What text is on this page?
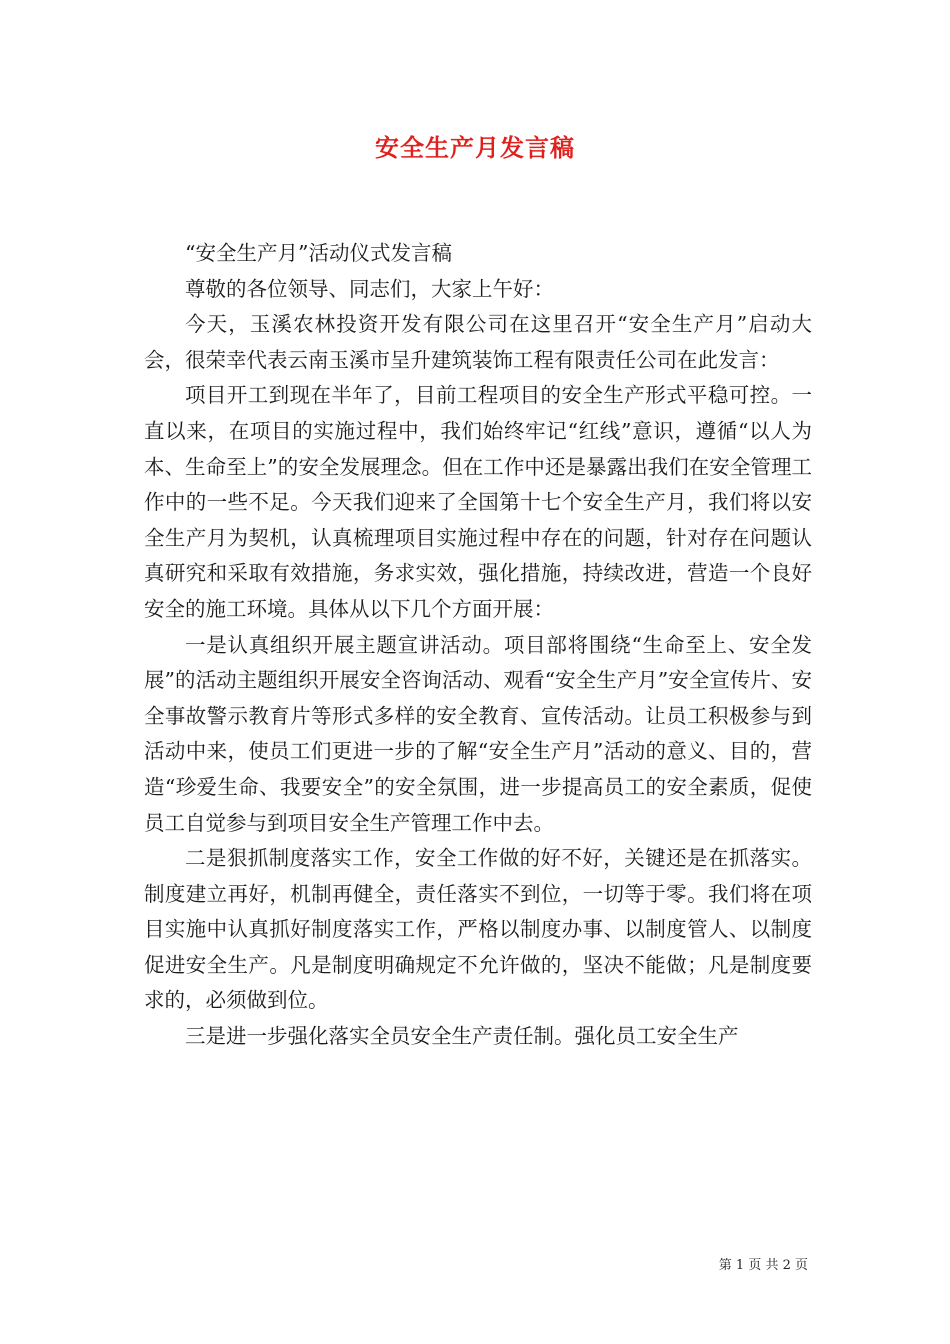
安全生产月发言稿

“安全生产月”活动仪式发言稿

尊敬的各位领导、同志们，大家上午好：

今天，玉溪农林投资开发有限公司在这里召开“安全生产月”启动大会，很荣幸代表云南玉溪市呈升建筑装饰工程有限责任公司在此发言：

项目开工到现在半年了，目前工程项目的安全生产形式平稳可控。一直以来，在项目的实施过程中，我们始终牢记“红线”意识，遵循“以人为本、生命至上”的安全发展理念。但在工作中还是暴露出我们在安全管理工作中的一些不足。今天我们迎来了全国第十七个安全生产月，我们将以安全生产月为契机，认真梳理项目实施过程中存在的问题，针对存在问题认真研究和采取有效措施，务求实效，强化措施，持续改进，营造一个良好安全的施工环境。具体从以下几个方面开展：

一是认真组织开展主题宣讲活动。项目部将围绕“生命至上、安全发展”的活动主题组织开展安全咨询活动、观看“安全生产月”安全宣传片、安全事故警示教育片等形式多样的安全教育、宣传活动。让员工积极参与到活动中来，使员工们更进一步的了解“安全生产月”活动的意义、目的，营造“珍爱生命、我要安全”的安全氛围，进一步提高员工的安全素质，促使员工自觉参与到项目安全生产管理工作中去。

二是狠抓制度落实工作，安全工作做的好不好，关键还是在抓落实。制度建立再好，机制再健全，责任落实不到位，一切等于零。我们将在项目实施中认真抓好制度落实工作，严格以制度办事、以制度管人、以制度促进安全生产。凡是制度明确规定不允许做的，坚决不能做；凡是制度要求的，必须做到位。

三是进一步强化落实全员安全生产责任制。强化员工安全生产

第 1 页 共 2 页
